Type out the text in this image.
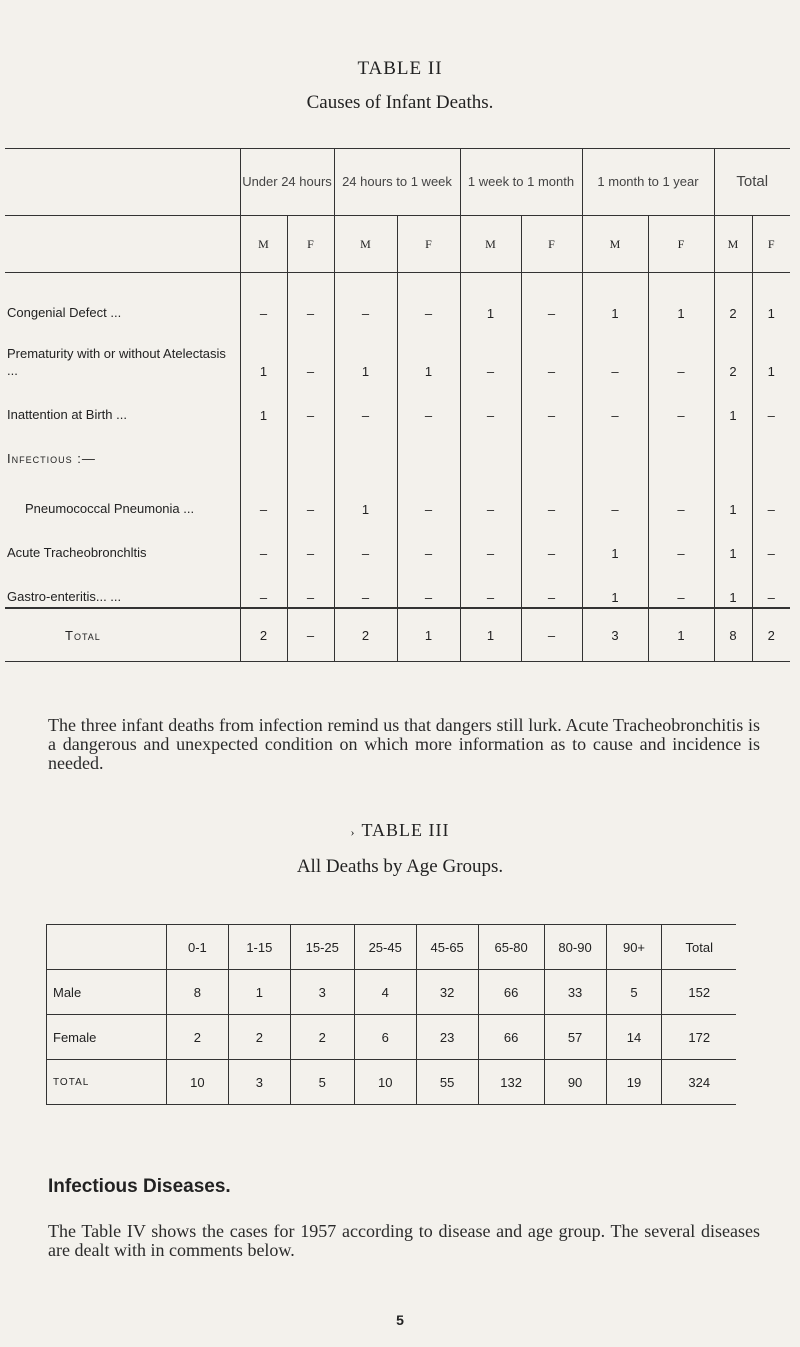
TABLE II
Causes of Infant Deaths.
	Under 24 hours		24 hours to 1 week		1 week to 1 month		1 month to 1 year		Total	
	M	F	M	F	M	F	M	F	M	F
Congenial Defect ...	–	–	–	–	1	–	1	1	2	1
Prematurity with or without Atelectasis ...	1	–	1	1	–	–	–	–	2	1
Inattention at Birth ...	1	–	–	–	–	–	–	–	1	–
Infectious :—										
Pneumococcal Pneumonia ...	–	–	1	–	–	–	–	–	1	–
Acute Tracheobronchltis	–	–	–	–	–	–	1	–	1	–
Gastro-enteritis... ...	–	–	–	–	–	–	1	–	1	–
Total	2	–	2	1	1	–	3	1	8	2
The three infant deaths from infection remind us that dangers still lurk. Acute Tracheobronchitis is a dangerous and unexpected condition on which more information as to cause and incidence is needed.
› TABLE III
All Deaths by Age Groups.
	0-1	1-15	15-25	25-45	45-65	65-80	80-90	90+	Total
Male	8	1	3	4	32	66	33	5	152
Female	2	2	2	6	23	66	57	14	172
TOTAL	10	3	5	10	55	132	90	19	324
Infectious Diseases.
The Table IV shows the cases for 1957 according to disease and age group. The several diseases are dealt with in comments below.
5
